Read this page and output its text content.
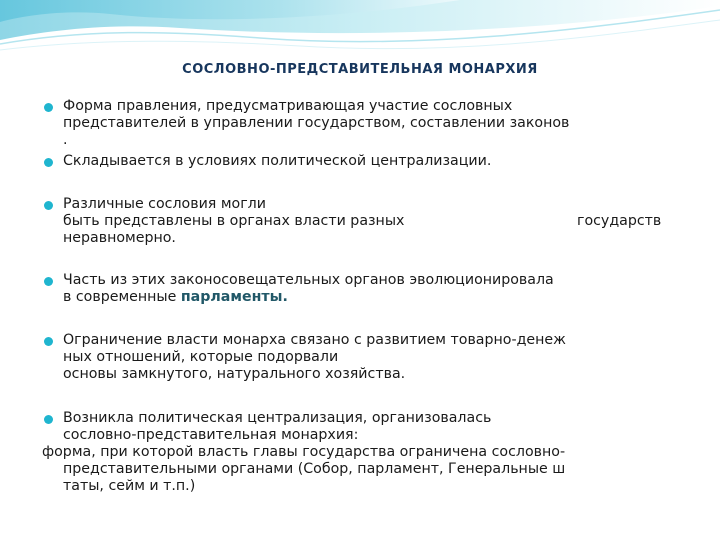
СОСЛОВНО-ПРЕДСТАВИТЕЛЬНАЯ МОНАРХИЯ
Форма правления, предусматривающая участие сословных
представителей в управлении государством, составлении законов
.
Складывается в условиях политической централизации.
Различные сословия могли
быть представлены в органах власти разных	государств
неравномерно.
Часть из этих законосовещательных органов эволюционировала
в современные парламенты.
Ограничение власти монарха связано с развитием товарно-денеж
ных отношений, которые подорвали
основы замкнутого, натурального хозяйства.
Возникла политическая централизация, организовалась
сословно-представительная монархия:
форма, при которой власть главы государства ограничена сословно-
представительными органами (Собор, парламент, Генеральные ш
таты, сейм и т.п.)
